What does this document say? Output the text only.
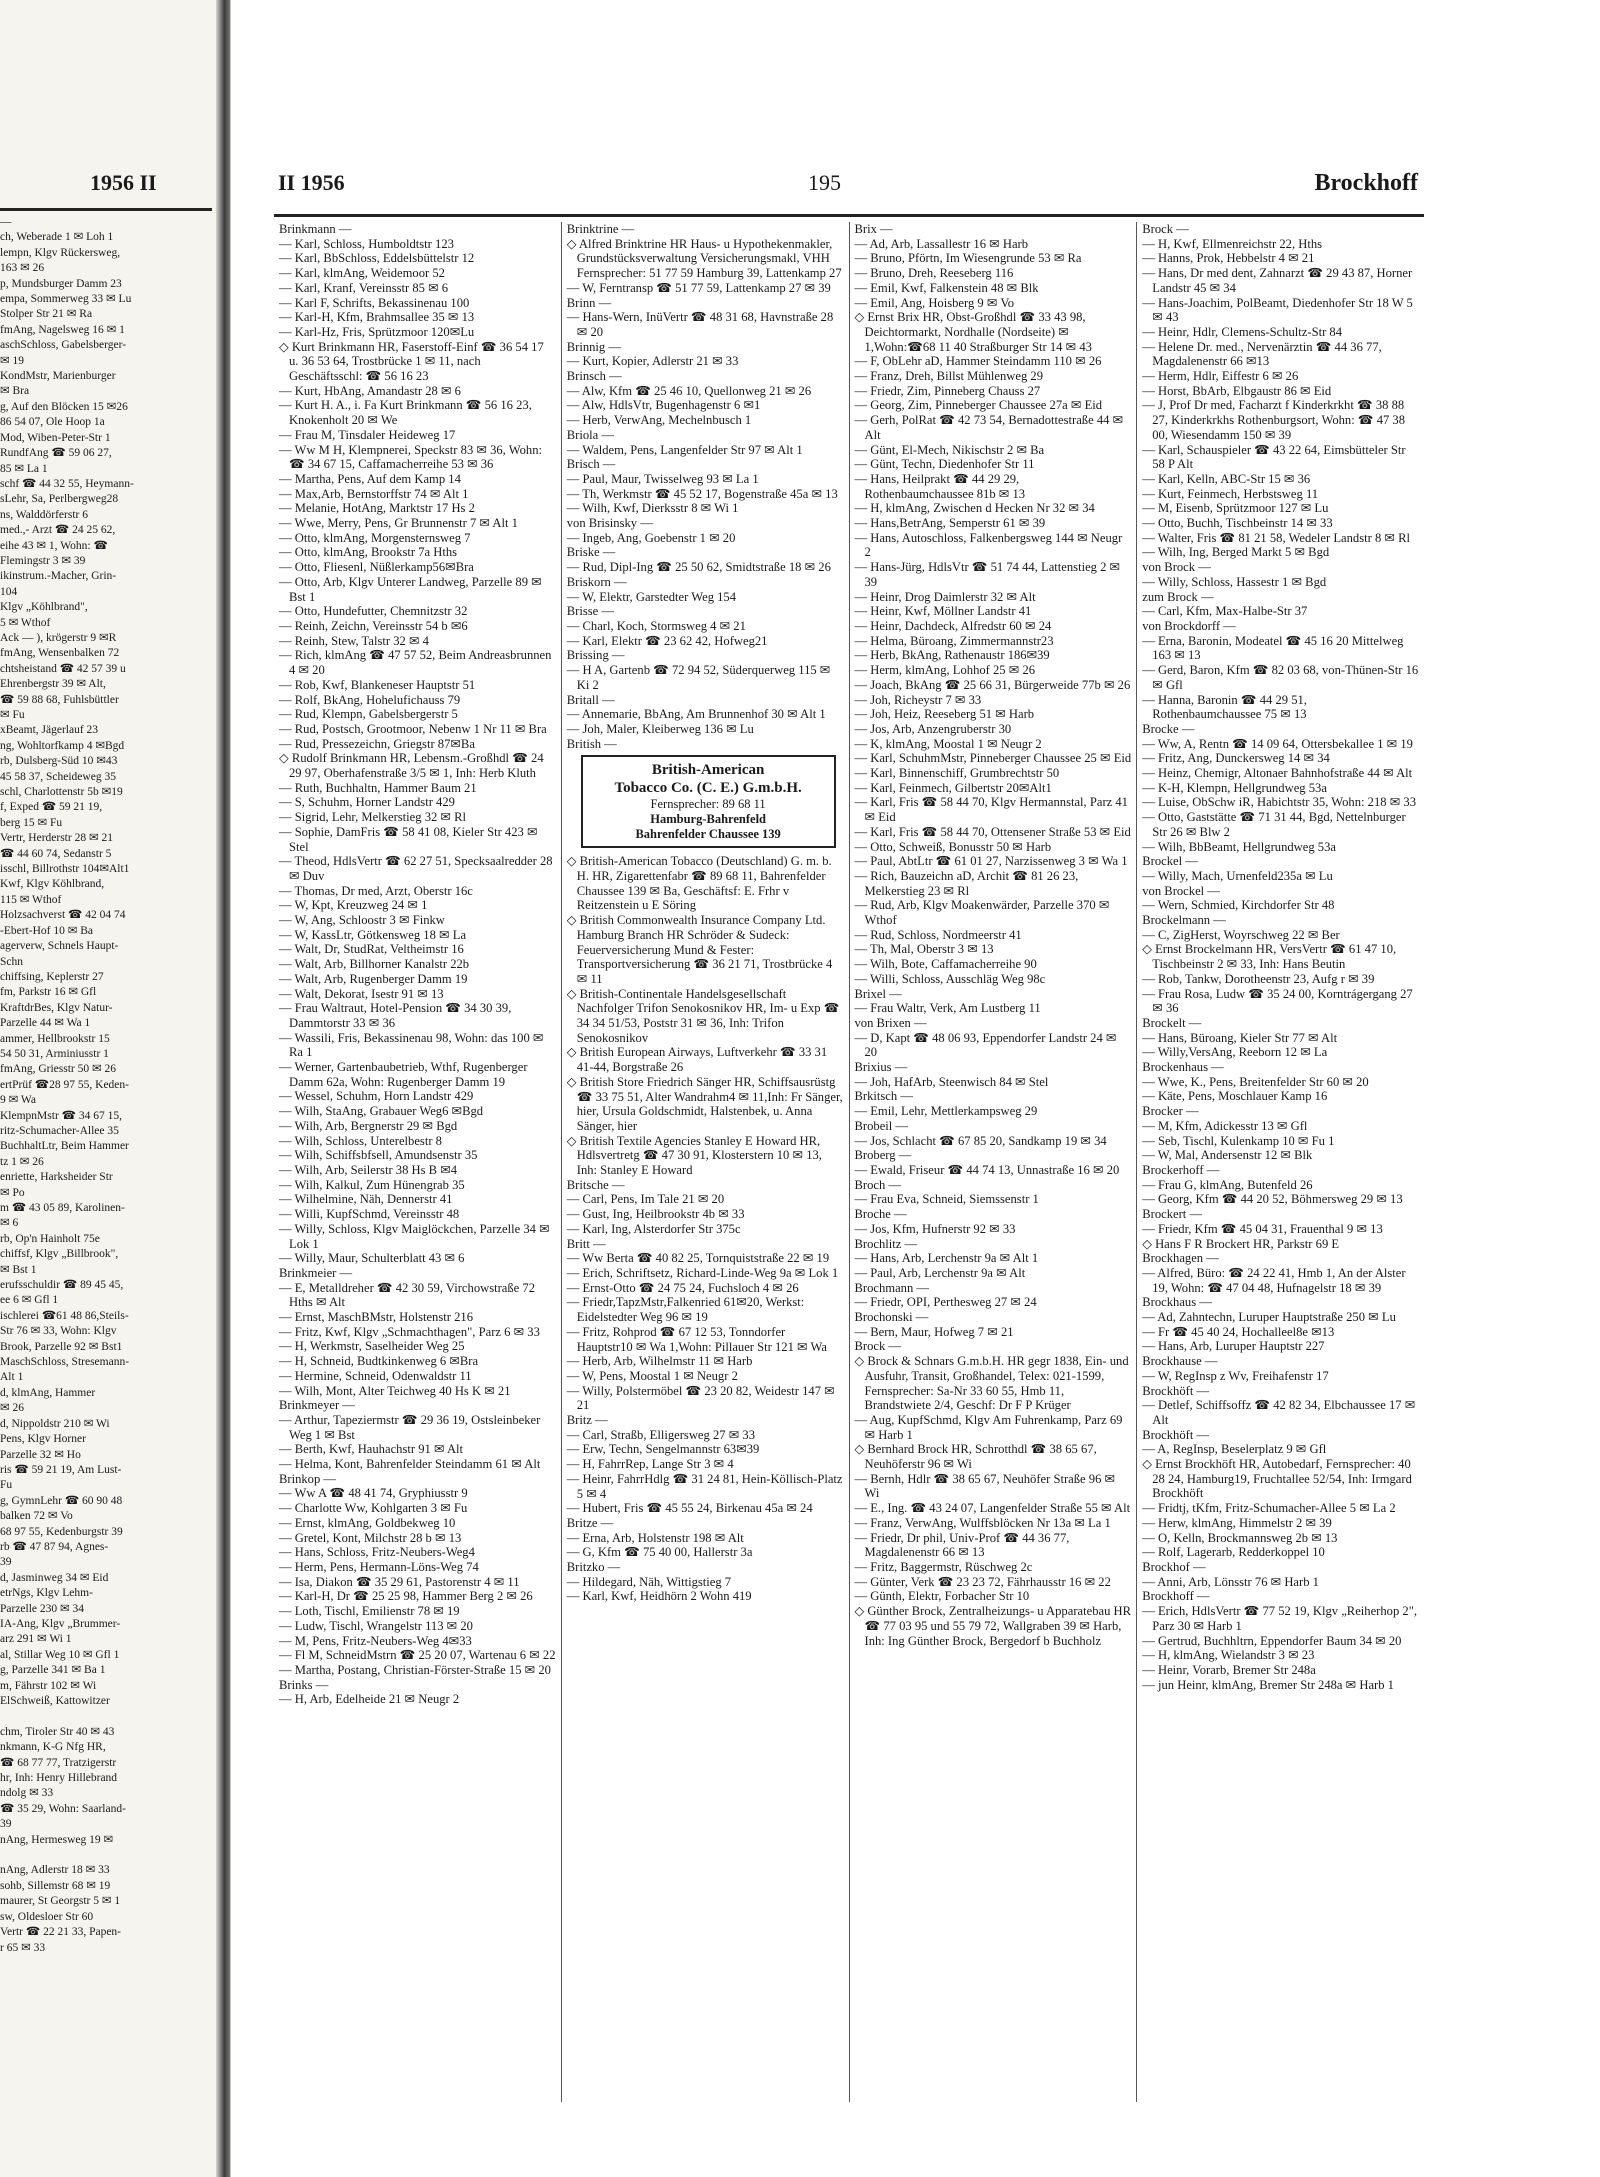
1956 II
—
ch, Weberade 1 ✉ Loh 1
lempn, Klgv Rückersweg,
163 ✉ 26
p, Mundsburger Damm 23
empa, Sommerweg 33 ✉ Lu
Stolper Str 21 ✉ Ra
fmAng, Nagelsweg 16 ✉ 1
aschSchloss, Gabelsberger-
✉ 19
KondMstr, Marienburger
✉ Bra
g, Auf den Blöcken 15 ✉26
86 54 07, Ole Hoop 1a
Mod, Wiben-Peter-Str 1
RundfAng ☎ 59 06 27,
85 ✉ La 1
schf ☎ 44 32 55, Heymann-
sLehr, Sa, Perlbergweg28
ns, Walddörferstr 6
med.,- Arzt ☎ 24 25 62,
eihe 43 ✉ 1, Wohn: ☎
Flemingstr 3 ✉ 39
ikinstrum.-Macher, Grin-
104
Klgv „Köhlbrand",
5 ✉ Wthof
Ack — ), krögerstr 9 ✉R
fmAng, Wensenbalken 72
chtsheistand ☎ 42 57 39 u
Ehrenbergstr 39 ✉ Alt,
☎ 59 88 68, Fuhlsbüttler
✉ Fu
xBeamt, Jägerlauf 23
ng, Wohltorfkamp 4 ✉Bgd
rb, Dulsberg-Süd 10 ✉43
45 58 37, Scheideweg 35
schl, Charlottenstr 5b ✉19
f, Exped ☎ 59 21 19,
berg 15 ✉ Fu
Vertr, Herderstr 28 ✉ 21
☎ 44 60 74, Sedanstr 5
isschl, Billrothstr 104✉Alt1
Kwf, Klgv Köhlbrand,
115 ✉ Wthof
Holzsachverst ☎ 42 04 74
-Ebert-Hof 10 ✉ Ba
agerverw, Schnels Haupt-
Schn
chiffsing, Keplerstr 27
fm, Parkstr 16 ✉ Gfl
KraftdrBes, Klgv Natur-
Parzelle 44 ✉ Wa 1
ammer, Hellbrookstr 15
54 50 31, Arminiusstr 1
fmAng, Griesstr 50 ✉ 26
ertPrüf ☎28 97 55, Keden-
9 ✉ Wa
KlempnMstr ☎ 34 67 15,
ritz-Schumacher-Allee 35
BuchhaltLtr, Beim Hammer
tz 1 ✉ 26
enriette, Harksheider Str
✉ Po
m ☎ 43 05 89, Karolinen-
✉ 6
rb, Op'n Hainholt 75e
chiffsf, Klgv „Billbrook",
✉ Bst 1
erufsschuldir ☎ 89 45 45,
ee 6 ✉ Gfl 1
ischlerei ☎61 48 86,Steils-
Str 76 ✉ 33, Wohn: Klgv
Brook, Parzelle 92 ✉ Bst1
MaschSchloss, Stresemann-
Alt 1
d, klmAng, Hammer
✉ 26
d, Nippoldstr 210 ✉ Wi
Pens, Klgv Horner
Parzelle 32 ✉ Ho
ris ☎ 59 21 19, Am Lust-
Fu
g, GymnLehr ☎ 60 90 48
balken 72 ✉ Vo
68 97 55, Kedenburgstr 39
rb ☎ 47 87 94, Agnes-
39
d, Jasminweg 34 ✉ Eid
etrNgs, Klgv Lehm-
Parzelle 230 ✉ 34
IA-Ang, Klgv „Brummer-
arz 291 ✉ Wi 1
al, Stillar Weg 10 ✉ Gfl 1
g, Parzelle 341 ✉ Ba 1
m, Fährstr 102 ✉ Wi
ElSchweiß, Kattowitzer

chm, Tiroler Str 40 ✉ 43
nkmann, K-G Nfg HR,
☎ 68 77 77, Tratzigerstr
hr, Inh: Henry Hillebrand
ndolg ✉ 33
☎ 35 29, Wohn: Saarland-
39
nAng, Hermesweg 19 ✉

nAng, Adlerstr 18 ✉ 33
sohb, Sillemstr 68 ✉ 19
maurer, St Georgstr 5 ✉ 1
sw, Oldesloer Str 60
Vertr ☎ 22 21 33, Papen-
r 65 ✉ 33
II 1956	195	Brockhoff
Brinkmann —
— Karl, Schloss, Humboldtstr 123
— Karl, BbSchloss, Eddelsbüttelstr 12
— Karl, klmAng, Weidemoor 52
— Karl, Kranf, Vereinsstr 85 ✉ 6
— Karl F, Schrifts, Bekassinenau 100
— Karl-H, Kfm, Brahmsallee 35 ✉ 13
— Karl-Hz, Fris, Sprützmoor 120✉Lu
◇ Kurt Brinkmann HR, Faserstoff-Einf ☎ 36 54 17 u. 36 53 64, Trostbrücke 1 ✉ 11, nach Geschäftsschl: ☎ 56 16 23
— Kurt, HbAng, Amandastr 28 ✉ 6
— Kurt H. A., i. Fa Kurt Brinkmann ☎ 56 16 23, Knokenholt 20 ✉ We
— Frau M, Tinsdaler Heideweg 17
— Ww M H, Klempnerei, Speckstr 83 ✉ 36, Wohn: ☎ 34 67 15, Caffamacherreihe 53 ✉ 36
— Martha, Pens, Auf dem Kamp 14
— Max,Arb, Bernstorffstr 74 ✉ Alt 1
— Melanie, HotAng, Marktstr 17 Hs 2
— Wwe, Merry, Pens, Gr Brunnenstr 7 ✉ Alt 1
— Otto, klmAng, Morgensternsweg 7
— Otto, klmAng, Brookstr 7a Hths
— Otto, Fliesenl, Nüßlerkamp56✉Bra
— Otto, Arb, Klgv Unterer Landweg, Parzelle 89 ✉ Bst 1
— Otto, Hundefutter, Chemnitzstr 32
— Reinh, Zeichn, Vereinsstr 54 b ✉6
— Reinh, Stew, Talstr 32 ✉ 4
— Rich, klmAng ☎ 47 57 52, Beim Andreasbrunnen 4 ✉ 20
— Rob, Kwf, Blankeneser Hauptstr 51
— Rolf, BkAng, Hohelufichauss 79
— Rud, Klempn, Gabelsbergerstr 5
— Rud, Postsch, Grootmoor, Nebenw 1 Nr 11 ✉ Bra
— Rud, Pressezeichn, Griegstr 87✉Ba
◇ Rudolf Brinkmann HR, Lebensm.-Großhdl ☎ 24 29 97, Oberhafenstraße 3/5 ✉ 1, Inh: Herb Kluth
— Ruth, Buchhaltn, Hammer Baum 21
— S, Schuhm, Horner Landstr 429
— Sigrid, Lehr, Melkerstieg 32 ✉ Rl
— Sophie, DamFris ☎ 58 41 08, Kieler Str 423 ✉ Stel
— Theod, HdlsVertr ☎ 62 27 51, Specksaalredder 28 ✉ Duv
— Thomas, Dr med, Arzt, Oberstr 16c
— W, Kpt, Kreuzweg 24 ✉ 1
— W, Ang, Schloostr 3 ✉ Finkw
— W, KassLtr, Götkensweg 18 ✉ La
— Walt, Dr, StudRat, Veltheimstr 16
— Walt, Arb, Billhorner Kanalstr 22b
— Walt, Arb, Rugenberger Damm 19
— Walt, Dekorat, Isestr 91 ✉ 13
— Frau Waltraut, Hotel-Pension ☎ 34 30 39, Dammtorstr 33 ✉ 36
— Wassili, Fris, Bekassinenau 98, Wohn: das 100 ✉ Ra 1
— Werner, Gartenbaubetrieb, Wthf, Rugenberger Damm 62a, Wohn: Rugenberger Damm 19
— Wessel, Schuhm, Horn Landstr 429
— Wilh, StaAng, Grabauer Weg6 ✉Bgd
— Wilh, Arb, Bergnerstr 29 ✉ Bgd
— Wilh, Schloss, Unterelbestr 8
— Wilh, Schiffsbfsell, Amundsenstr 35
— Wilh, Arb, Seilerstr 38 Hs B ✉4
— Wilh, Kalkul, Zum Hünengrab 35
— Wilhelmine, Näh, Dennerstr 41
— Willi, KupfSchmd, Vereinsstr 48
— Willy, Schloss, Klgv Maiglöckchen, Parzelle 34 ✉ Lok 1
— Willy, Maur, Schulterblatt 43 ✉ 6
Brinkmeier —
— E, Metalldreher ☎ 42 30 59, Virchowstraße 72 Hths ✉ Alt
— Ernst, MaschBMstr, Holstenstr 216
— Fritz, Kwf, Klgv „Schmachthagen", Parz 6 ✉ 33
— H, Werkmstr, Saselheider Weg 25
— H, Schneid, Budtkinkenweg 6 ✉Bra
— Hermine, Schneid, Odenwaldstr 11
— Wilh, Mont, Alter Teichweg 40 Hs K ✉ 21
Brinkmeyer —
— Arthur, Tapeziermstr ☎ 29 36 19, Ostsleinbeker Weg 1 ✉ Bst
— Berth, Kwf, Hauhachstr 91 ✉ Alt
— Helma, Kont, Bahrenfelder Steindamm 61 ✉ Alt
Brinkop —
— Ww A ☎ 48 41 74, Gryphiusstr 9
— Charlotte Ww, Kohlgarten 3 ✉ Fu
— Ernst, klmAng, Goldbekweg 10
— Gretel, Kont, Milchstr 28 b ✉ 13
— Hans, Schloss, Fritz-Neubers-Weg4
— Herm, Pens, Hermann-Löns-Weg 74
— Isa, Diakon ☎ 35 29 61, Pastorenstr 4 ✉ 11
— Karl-H, Dr ☎ 25 25 98, Hammer Berg 2 ✉ 26
— Loth, Tischl, Emilienstr 78 ✉ 19
— Ludw, Tischl, Wrangelstr 113 ✉ 20
— M, Pens, Fritz-Neubers-Weg 4✉33
— Fl M, SchneidMstrn ☎ 25 20 07, Wartenau 6 ✉ 22
— Martha, Postang, Christian-Förster-Straße 15 ✉ 20
Brinks —
— H, Arb, Edelheide 21 ✉ Neugr 2
Brinktrine —
◇ Alfred Brinktrine HR Haus- u Hypothekenmakler, Grundstücksverwaltung Versicherungsmakl, VHH Fernsprecher: 51 77 59 Hamburg 39, Lattenkamp 27
— W, Ferntransp ☎ 51 77 59, Lattenkamp 27 ✉ 39
Brinn —
— Hans-Wern, InüVertr ☎ 48 31 68, Havnstraße 28 ✉ 20
Brinnig —
— Kurt, Kopier, Adlerstr 21 ✉ 33
Brinsch —
— Alw, Kfm ☎ 25 46 10, Quellonweg 21 ✉ 26
— Alw, HdlsVtr, Bugenhagenstr 6 ✉1
— Herb, VerwAng, Mechelnbusch 1
Briola —
— Waldem, Pens, Langenfelder Str 97 ✉ Alt 1
Brisch —
— Paul, Maur, Twisselweg 93 ✉ La 1
— Th, Werkmstr ☎ 45 52 17, Bogenstraße 45a ✉ 13
— Wilh, Kwf, Dierksstr 8 ✉ Wi 1
von Brisinsky —
— Ingeb, Ang, Goebenstr 1 ✉ 20
Briske —
— Rud, Dipl-Ing ☎ 25 50 62, Smidtstraße 18 ✉ 26
Briskorn —
— W, Elektr, Garstedter Weg 154
Brisse —
— Charl, Koch, Stormsweg 4 ✉ 21
— Karl, Elektr ☎ 23 62 42, Hofweg21
Brissing —
— H A, Gartenb ☎ 72 94 52, Süderquerweg 115 ✉ Ki 2
Britall —
— Annemarie, BbAng, Am Brunnenhof 30 ✉ Alt 1
— Joh, Maler, Kleiberweg 136 ✉ Lu
British —
British-American
Tobacco Co. (C. E.) G.m.b.H.
Fernsprecher: 89 68 11
Hamburg-Bahrenfeld
Bahrenfelder Chaussee 139
◇ British-American Tobacco (Deutschland) G. m. b. H. HR, Zigarettenfabr ☎ 89 68 11, Bahrenfelder Chaussee 139 ✉ Ba, Geschäftsf: E. Frhr v Reitzenstein u E Söring
◇ British Commonwealth Insurance Company Ltd. Hamburg Branch HR Schröder & Sudeck: Feuerversicherung Mund & Fester: Transportversicherung ☎ 36 21 71, Trostbrücke 4 ✉ 11
◇ British-Continentale Handelsgesellschaft Nachfolger Trifon Senokosnikov HR, Im- u Exp ☎ 34 34 51/53, Poststr 31 ✉ 36, Inh: Trifon Senokosnikov
◇ British European Airways, Luftverkehr ☎ 33 31 41-44, Borgstraße 26
◇ British Store Friedrich Sänger HR, Schiffsausrüstg ☎ 33 75 51, Alter Wandrahm4 ✉ 11,Inh: Fr Sänger, hier, Ursula Goldschmidt, Halstenbek, u. Anna Sänger, hier
◇ British Textile Agencies Stanley E Howard HR, Hdlsvertretg ☎ 47 30 91, Klosterstern 10 ✉ 13, Inh: Stanley E Howard
Britsche —
— Carl, Pens, Im Tale 21 ✉ 20
— Gust, Ing, Heilbrookstr 4b ✉ 33
— Karl, Ing, Alsterdorfer Str 375c
Britt —
— Ww Berta ☎ 40 82 25, Tornquiststraße 22 ✉ 19
— Erich, Schriftsetz, Richard-Linde-Weg 9a ✉ Lok 1
— Ernst-Otto ☎ 24 75 24, Fuchsloch 4 ✉ 26
— Friedr,TapzMstr,Falkenried 61✉20, Werkst: Eidelstedter Weg 96 ✉ 19
— Fritz, Rohprod ☎ 67 12 53, Tonndorfer Hauptstr10 ✉ Wa 1,Wohn: Pillauer Str 121 ✉ Wa
— Herb, Arb, Wilhelmstr 11 ✉ Harb
— W, Pens, Moostal 1 ✉ Neugr 2
— Willy, Polstermöbel ☎ 23 20 82, Weidestr 147 ✉ 21
Britz —
— Carl, Straßb, Elligersweg 27 ✉ 33
— Erw, Techn, Sengelmannstr 63✉39
— H, FahrrRep, Lange Str 3 ✉ 4
— Heinr, FahrrHdlg ☎ 31 24 81, Hein-Köllisch-Platz 5 ✉ 4
— Hubert, Fris ☎ 45 55 24, Birkenau 45a ✉ 24
Britze —
— Erna, Arb, Holstenstr 198 ✉ Alt
— G, Kfm ☎ 75 40 00, Hallerstr 3a
Britzko —
— Hildegard, Näh, Wittigstieg 7
— Karl, Kwf, Heidhörn 2 Wohn 419
Brix —
— Ad, Arb, Lassallestr 16 ✉ Harb
— Bruno, Pförtn, Im Wiesengrunde 53 ✉ Ra
— Bruno, Dreh, Reeseberg 116
— Emil, Kwf, Falkenstein 48 ✉ Blk
— Emil, Ang, Hoisberg 9 ✉ Vo
◇ Ernst Brix HR, Obst-Großhdl ☎ 33 43 98, Deichtormarkt, Nordhalle (Nordseite) ✉ 1,Wohn:☎68 11 40 Straßburger Str 14 ✉ 43
— F, ObLehr aD, Hammer Steindamm 110 ✉ 26
— Franz, Dreh, Billst Mühlenweg 29
— Friedr, Zim, Pinneberg Chauss 27
— Georg, Zim, Pinneberger Chaussee 27a ✉ Eid
— Gerh, PolRat ☎ 42 73 54, Bernadottestraße 44 ✉ Alt
— Günt, El-Mech, Nikischstr 2 ✉ Ba
— Günt, Techn, Diedenhofer Str 11
— Hans, Heilprakt ☎ 44 29 29, Rothenbaumchaussee 81b ✉ 13
— H, klmAng, Zwischen d Hecken Nr 32 ✉ 34
— Hans,BetrAng, Semperstr 61 ✉ 39
— Hans, Autoschloss, Falkenbergsweg 144 ✉ Neugr 2
— Hans-Jürg, HdlsVtr ☎ 51 74 44, Lattenstieg 2 ✉ 39
— Heinr, Drog Daimlerstr 32 ✉ Alt
— Heinr, Kwf, Möllner Landstr 41
— Heinr, Dachdeck, Alfredstr 60 ✉ 24
— Helma, Büroang, Zimmermannstr23
— Herb, BkAng, Rathenaustr 186✉39
— Herm, klmAng, Lohhof 25 ✉ 26
— Joach, BkAng ☎ 25 66 31, Bürgerweide 77b ✉ 26
— Joh, Richeystr 7 ✉ 33
— Joh, Heiz, Reeseberg 51 ✉ Harb
— Jos, Arb, Anzengruberstr 30
— K, klmAng, Moostal 1 ✉ Neugr 2
— Karl, SchuhmMstr, Pinneberger Chaussee 25 ✉ Eid
— Karl, Binnenschiff, Grumbrechtstr 50
— Karl, Feinmech, Gilbertstr 20✉Alt1
— Karl, Fris ☎ 58 44 70, Klgv Hermannstal, Parz 41 ✉ Eid
— Karl, Fris ☎ 58 44 70, Ottensener Straße 53 ✉ Eid
— Otto, Schweiß, Bonusstr 50 ✉ Harb
— Paul, AbtLtr ☎ 61 01 27, Narzissenweg 3 ✉ Wa 1
— Rich, Bauzeichn aD, Archit ☎ 81 26 23, Melkerstieg 23 ✉ Rl
— Rud, Arb, Klgv Moakenwärder, Parzelle 370 ✉ Wthof
— Rud, Schloss, Nordmeerstr 41
— Th, Mal, Oberstr 3 ✉ 13
— Wilh, Bote, Caffamacherreihe 90
— Willi, Schloss, Ausschläg Weg 98c
Brixel —
— Frau Waltr, Verk, Am Lustberg 11
von Brixen —
— D, Kapt ☎ 48 06 93, Eppendorfer Landstr 24 ✉ 20
Brixius —
— Joh, HafArb, Steenwisch 84 ✉ Stel
Brkitsch —
— Emil, Lehr, Mettlerkampsweg 29
Brobeil —
— Jos, Schlacht ☎ 67 85 20, Sandkamp 19 ✉ 34
Broberg —
— Ewald, Friseur ☎ 44 74 13, Unnastraße 16 ✉ 20
Broch —
— Frau Eva, Schneid, Siemssenstr 1
Broche —
— Jos, Kfm, Hufnerstr 92 ✉ 33
Brochlitz —
— Hans, Arb, Lerchenstr 9a ✉ Alt 1
— Paul, Arb, Lerchenstr 9a ✉ Alt
Brochmann —
— Friedr, OPI, Perthesweg 27 ✉ 24
Brochonski —
— Bern, Maur, Hofweg 7 ✉ 21
Brock —
◇ Brock & Schnars G.m.b.H. HR gegr 1838, Ein- und Ausfuhr, Transit, Großhandel, Telex: 021-1599, Fernsprecher: Sa-Nr 33 60 55, Hmb 11, Brandstwiete 2/4, Geschf: Dr F P Krüger
— Aug, KupfSchmd, Klgv Am Fuhrenkamp, Parz 69 ✉ Harb 1
◇ Bernhard Brock HR, Schrotthdl ☎ 38 65 67, Neuhöferstr 96 ✉ Wi
— Bernh, Hdlr ☎ 38 65 67, Neuhöfer Straße 96 ✉ Wi
— E., Ing. ☎ 43 24 07, Langenfelder Straße 55 ✉ Alt
— Franz, VerwAng, Wulffsblöcken Nr 13a ✉ La 1
— Friedr, Dr phil, Univ-Prof ☎ 44 36 77, Magdalenenstr 66 ✉ 13
— Fritz, Baggermstr, Rüschweg 2c
— Günter, Verk ☎ 23 23 72, Fährhausstr 16 ✉ 22
— Günth, Elektr, Forbacher Str 10
◇ Günther Brock, Zentralheizungs- u Apparatebau HR ☎ 77 03 95 und 55 79 72, Wallgraben 39 ✉ Harb, Inh: Ing Günther Brock, Bergedorf b Buchholz
Brock —
— H, Kwf, Ellmenreichstr 22, Hths
— Hanns, Prok, Hebbelstr 4 ✉ 21
— Hans, Dr med dent, Zahnarzt ☎ 29 43 87, Horner Landstr 45 ✉ 34
— Hans-Joachim, PolBeamt, Diedenhofer Str 18 W 5 ✉ 43
— Heinr, Hdlr, Clemens-Schultz-Str 84
— Helene Dr. med., Nervenärztin ☎ 44 36 77, Magdalenenstr 66 ✉13
— Herm, Hdlr, Eiffestr 6 ✉ 26
— Horst, BbArb, Elbgaustr 86 ✉ Eid
— J, Prof Dr med, Facharzt f Kinderkrkht ☎ 38 88 27, Kinderkrkhs Rothenburgsort, Wohn: ☎ 47 38 00, Wiesendamm 150 ✉ 39
— Karl, Schauspieler ☎ 43 22 64, Eimsbütteler Str 58 P Alt
— Karl, Kelln, ABC-Str 15 ✉ 36
— Kurt, Feinmech, Herbstsweg 11
— M, Eisenb, Sprützmoor 127 ✉ Lu
— Otto, Buchh, Tischbeinstr 14 ✉ 33
— Walter, Fris ☎ 81 21 58, Wedeler Landstr 8 ✉ Rl
— Wilh, Ing, Berged Markt 5 ✉ Bgd
von Brock —
— Willy, Schloss, Hassestr 1 ✉ Bgd
zum Brock —
— Carl, Kfm, Max-Halbe-Str 37
von Brockdorff —
— Erna, Baronin, Modeatel ☎ 45 16 20 Mittelweg 163 ✉ 13
— Gerd, Baron, Kfm ☎ 82 03 68, von-Thünen-Str 16 ✉ Gfl
— Hanna, Baronin ☎ 44 29 51, Rothenbaumchaussee 75 ✉ 13
Brocke —
— Ww, A, Rentn ☎ 14 09 64, Ottersbekallee 1 ✉ 19
— Fritz, Ang, Dunckersweg 14 ✉ 34
— Heinz, Chemigr, Altonaer Bahnhofstraße 44 ✉ Alt
— K-H, Klempn, Hellgrundweg 53a
— Luise, ObSchw iR, Habichtstr 35, Wohn: 218 ✉ 33
— Otto, Gaststätte ☎ 71 31 44, Bgd, Nettelnburger Str 26 ✉ Blw 2
— Wilh, BbBeamt, Hellgrundweg 53a
Brockel —
— Willy, Mach, Urnenfeld235a ✉ Lu
von Brockel —
— Wern, Schmied, Kirchdorfer Str 48
Brockelmann —
— C, ZigHerst, Woyrschweg 22 ✉ Ber
◇ Ernst Brockelmann HR, VersVertr ☎ 61 47 10, Tischbeinstr 2 ✉ 33, Inh: Hans Beutin
— Rob, Tankw, Dorotheenstr 23, Aufg r ✉ 39
— Frau Rosa, Ludw ☎ 35 24 00, Korntrágergang 27 ✉ 36
Brockelt —
— Hans, Büroang, Kieler Str 77 ✉ Alt
— Willy,VersAng, Reeborn 12 ✉ La
Brockenhaus —
— Wwe, K., Pens, Breitenfelder Str 60 ✉ 20
— Käte, Pens, Moschlauer Kamp 16
Brocker —
— M, Kfm, Adickesstr 13 ✉ Gfl
— Seb, Tischl, Kulenkamp 10 ✉ Fu 1
— W, Mal, Andersenstr 12 ✉ Blk
Brockerhoff —
— Frau G, klmAng, Butenfeld 26
— Georg, Kfm ☎ 44 20 52, Böhmersweg 29 ✉ 13
Brockert —
— Friedr, Kfm ☎ 45 04 31, Frauenthal 9 ✉ 13
◇ Hans F R Brockert HR, Parkstr 69 E
Brockhagen —
— Alfred, Büro: ☎ 24 22 41, Hmb 1, An der Alster 19, Wohn: ☎ 47 04 48, Hufnagelstr 18 ✉ 39
Brockhaus —
— Ad, Zahntechn, Luruper Hauptstraße 250 ✉ Lu
— Fr ☎ 45 40 24, Hochalleel8e ✉13
— Hans, Arb, Luruper Hauptstr 227
Brockhause —
— W, RegInsp z Wv, Freihafenstr 17
Brockhöft —
— Detlef, Schiffsoffz ☎ 42 82 34, Elbchaussee 17 ✉ Alt
Brockhöft —
— A, RegInsp, Beselerplatz 9 ✉ Gfl
◇ Ernst Brockhöft HR, Autobedarf, Fernsprecher: 40 28 24, Hamburg19, Fruchtallee 52/54, Inh: Irmgard Brockhöft
— Fridtj, tKfm, Fritz-Schumacher-Allee 5 ✉ La 2
— Herw, klmAng, Himmelstr 2 ✉ 39
— O, Kelln, Brockmannsweg 2b ✉ 13
— Rolf, Lagerarb, Redderkoppel 10
Brockhof —
— Anni, Arb, Lönsstr 76 ✉ Harb 1
Brockhoff —
— Erich, HdlsVertr ☎ 77 52 19, Klgv „Reiherhop 2", Parz 30 ✉ Harb 1
— Gertrud, Buchhltrn, Eppendorfer Baum 34 ✉ 20
— H, klmAng, Wielandstr 3 ✉ 23
— Heinr, Vorarb, Bremer Str 248a
— jun Heinr, klmAng, Bremer Str 248a ✉ Harb 1
